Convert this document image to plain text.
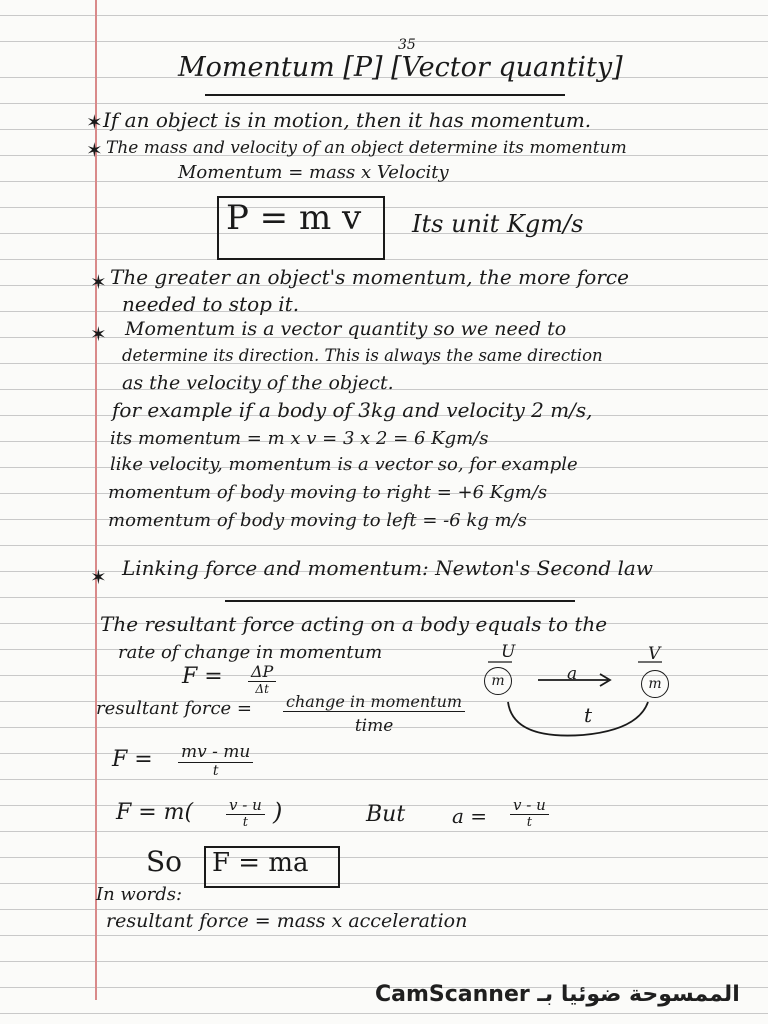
35
Momentum [P] [Vector quantity]
✶ If an object is in motion, then it has momentum.
✶ The mass and velocity of an object determine its momentum
Momentum = mass x Velocity
P = m v Its unit Kgm/s
✶ The greater an object's momentum, the more force
needed to stop it.
✶ Momentum is a vector quantity so we need to
determine its direction. This is always the same direction
as the velocity of the object.
for example if a body of 3kg and velocity 2 m/s,
its momentum = m x v = 3 x 2 = 6 Kgm/s
like velocity, momentum is a vector so, for example
momentum of body moving to right = +6 Kgm/s
momentum of body moving to left = -6 kg m/s
✶ Linking force and momentum: Newton's Second law
The resultant force acting on a body equals to the
rate of change in momentum
F = ΔP
Δt
resultant force = change in momentum
time
U	V
m	m
a
t
F = mv - mu
t
$F = m( \frac{v - u}{t}$ )	But $a = \frac{v - u}{t}$
So F = ma
In words:
resultant force = mass x acceleration
CamScanner الممسوحة ضوئيا بـ
